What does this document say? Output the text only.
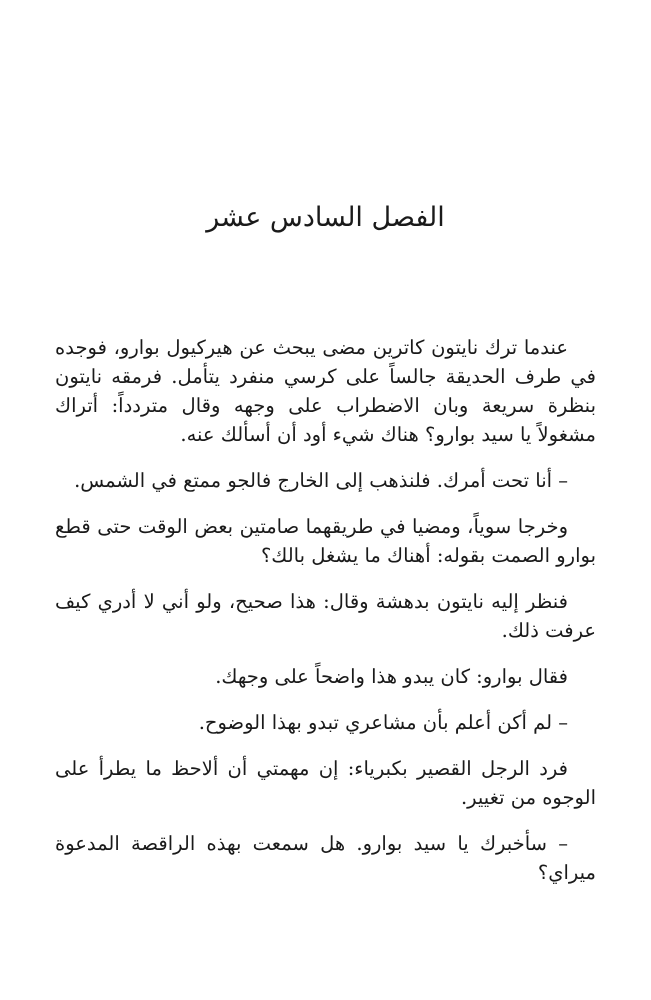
الفصل السادس عشر

عندما ترك نايتون كاترين مضى يبحث عن هيركيول بوارو، فوجده في طرف الحديقة جالساً على كرسي منفرد يتأمل. فرمقه نايتون بنظرة سريعة وبان الاضطراب على وجهه وقال متردداً: أتراك مشغولاً يا سيد بوارو؟ هناك شيء أود أن أسألك عنه.

– أنا تحت أمرك. فلنذهب إلى الخارج فالجو ممتع في الشمس.

وخرجا سوياً، ومضيا في طريقهما صامتين بعض الوقت حتى قطع بوارو الصمت بقوله: أهناك ما يشغل بالك؟

فنظر إليه نايتون بدهشة وقال: هذا صحيح، ولو أني لا أدري كيف عرفت ذلك.

فقال بوارو: كان يبدو هذا واضحاً على وجهك.

– لم أكن أعلم بأن مشاعري تبدو بهذا الوضوح.

فرد الرجل القصير بكبرياء: إن مهمتي أن ألاحظ ما يطرأ على الوجوه من تغيير.

– سأخبرك يا سيد بوارو. هل سمعت بهذه الراقصة المدعوة ميراي؟
